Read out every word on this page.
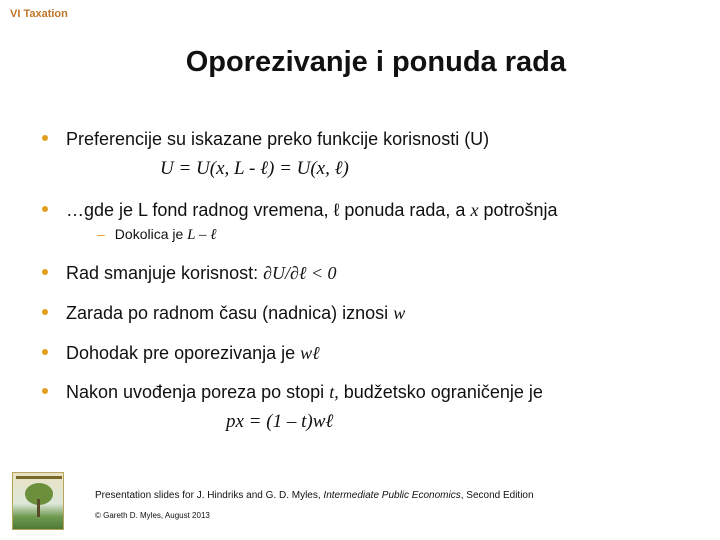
VI Taxation
Oporezivanje i ponuda rada
Preferencije su iskazane preko funkcije korisnosti (U)
U = U(x, L - ℓ) = U(x, ℓ)
…gde je L fond radnog vremena, ℓ ponuda rada, a x potrošnja
– Dokolica je L – ℓ
Rad smanjuje korisnost: ∂U/∂ℓ < 0
Zarada po radnom času (nadnica) iznosi w
Dohodak pre oporezivanja je wℓ
Nakon uvođenja poreza po stopi t, budžetsko ograničenje je
px = (1 – t)wℓ
Presentation slides for J. Hindriks and G. D. Myles, Intermediate Public Economics, Second Edition
© Gareth D. Myles, August 2013
